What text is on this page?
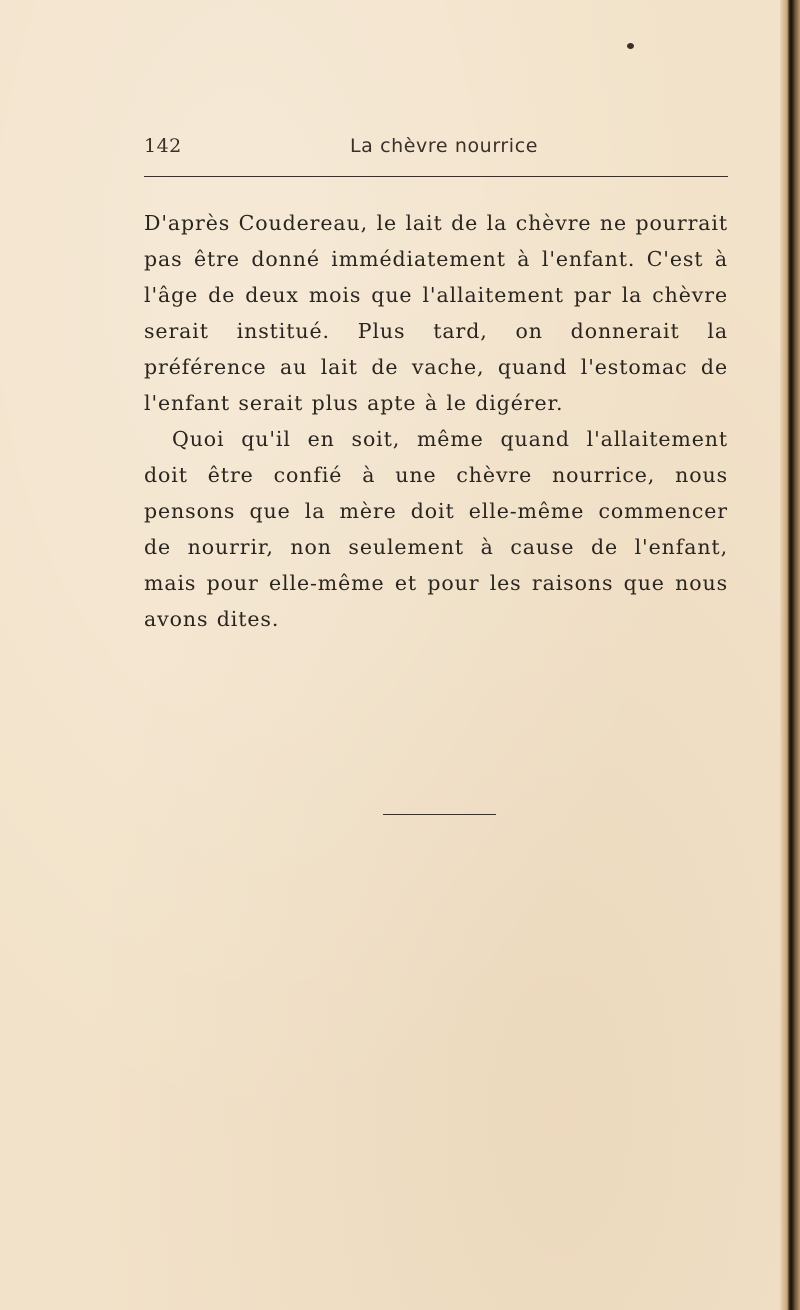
142	La chèvre nourrice

D'après Coudereau, le lait de la chèvre ne pourrait pas être donné immédiatement à l'enfant. C'est à l'âge de deux mois que l'allaitement par la chèvre serait institué. Plus tard, on donnerait la préférence au lait de vache, quand l'estomac de l'enfant serait plus apte à le digérer.

Quoi qu'il en soit, même quand l'allaitement doit être confié à une chèvre nourrice, nous pensons que la mère doit elle-même commencer de nourrir, non seulement à cause de l'enfant, mais pour elle-même et pour les raisons que nous avons dites.
